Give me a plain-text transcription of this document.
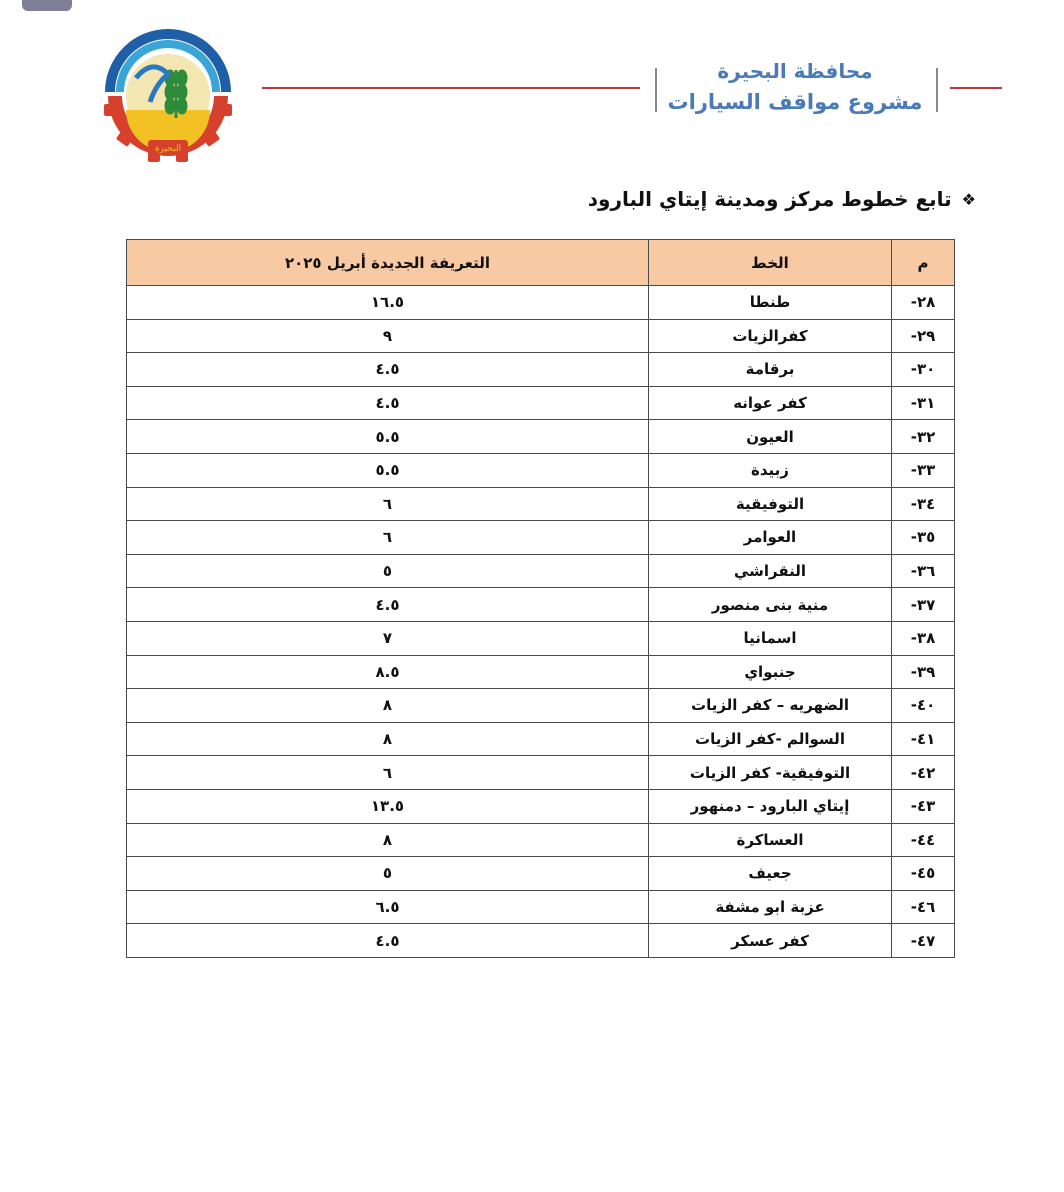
البحيرة
محافظة البحيرة
مشروع مواقف السيارات
❖
تابع خطوط مركز ومدينة إيتاي البارود
م	الخط	التعريفة الجديدة أبريل ٢٠٢٥
٢٨-	طنطا	١٦.٥
٢٩-	كفرالزيات	٩
٣٠-	برقامة	٤.٥
٣١-	كفر عوانه	٤.٥
٣٢-	العيون	٥.٥
٣٣-	زبيدة	٥.٥
٣٤-	التوفيقية	٦
٣٥-	العوامر	٦
٣٦-	النقراشي	٥
٣٧-	منية بنى منصور	٤.٥
٣٨-	اسمانيا	٧
٣٩-	جنبواي	٨.٥
٤٠-	الضهريه – كفر الزيات	٨
٤١-	السوالم -كفر الزيات	٨
٤٢-	التوفيقية- كفر الزيات	٦
٤٣-	إيتاي البارود – دمنهور	١٣.٥
٤٤-	العساكرة	٨
٤٥-	جعيف	٥
٤٦-	عزبة ابو مشفة	٦.٥
٤٧-	كفر عسكر	٤.٥
